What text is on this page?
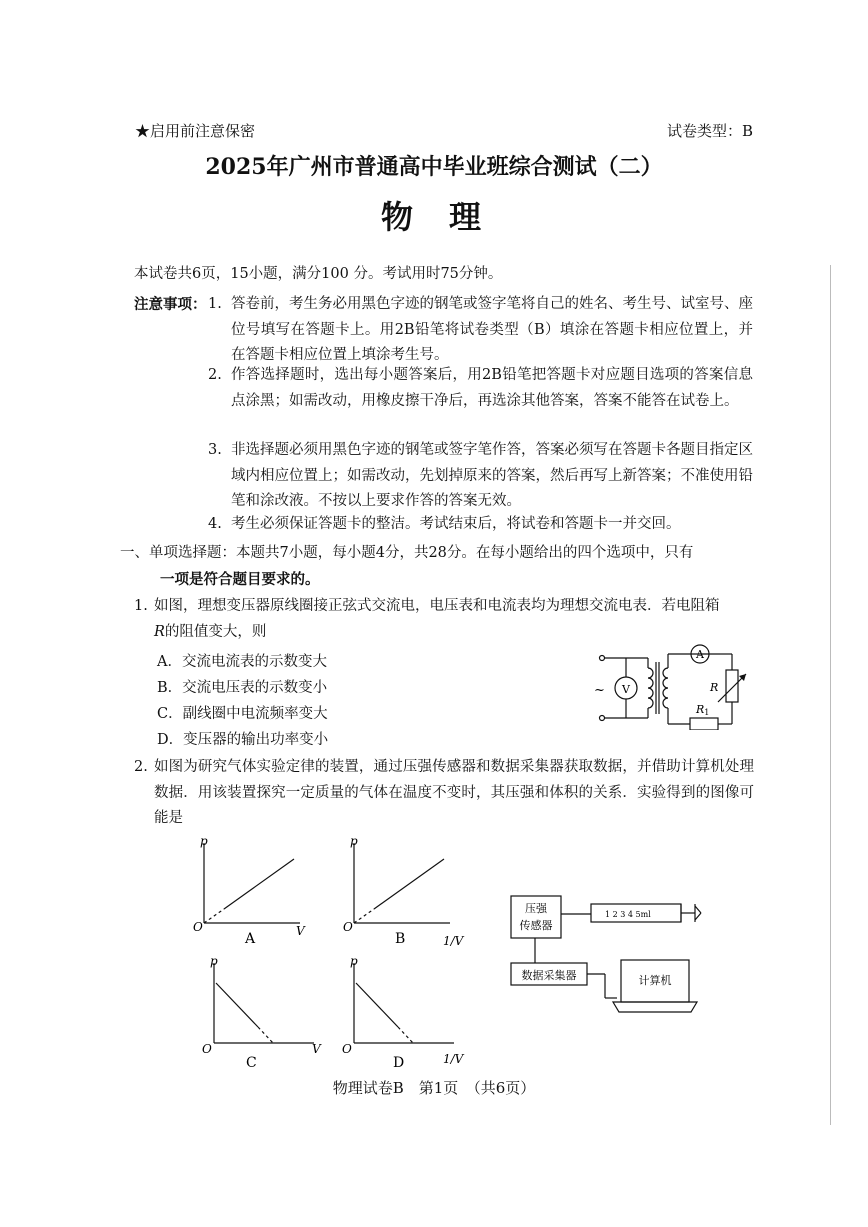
★启用前注意保密	试卷类型：B
2025年广州市普通高中毕业班综合测试（二）
物理
本试卷共6页，15小题，满分100 分。考试用时75分钟。
注意事项： 1. 答卷前，考生务必用黑色字迹的钢笔或签字笔将自己的姓名、考生号、试室号、座位号填写在答题卡上。用2B铅笔将试卷类型（B）填涂在答题卡相应位置上，并在答题卡相应位置上填涂考生号。
2. 作答选择题时，选出每小题答案后，用2B铅笔把答题卡对应题目选项的答案信息点涂黑；如需改动，用橡皮擦干净后，再选涂其他答案，答案不能答在试卷上。
3. 非选择题必须用黑色字迹的钢笔或签字笔作答，答案必须写在答题卡各题目指定区域内相应位置上；如需改动，先划掉原来的答案，然后再写上新答案；不准使用铅笔和涂改液。不按以上要求作答的答案无效。
4. 考生必须保证答题卡的整洁。考试结束后，将试卷和答题卡一并交回。
一、单项选择题：本题共7小题，每小题4分，共28分。在每小题给出的四个选项中，只有
一项是符合题目要求的。
1. 如图，理想变压器原线圈接正弦式交流电，电压表和电流表均为理想交流电表．若电阻箱
R的阻值变大，则
A．交流电流表的示数变大
B．交流电压表的示数变小
C．副线圈中电流频率变大
D．变压器的输出功率变小
V
A
~	R
R1
2. 如图为研究气体实验定律的装置，通过压强传感器和数据采集器获取数据，并借助计算机处理数据．用该装置探究一定质量的气体在温度不变时，其压强和体积的关系．实验得到的图像可能是
p
O	V
A
p
O
1/V
B
p
O	V
C
p
O
1/V
D
压强
传感器
数据采集器	计算机
1 2 3 4 5ml
物理试卷B　第1页　（共6页）
